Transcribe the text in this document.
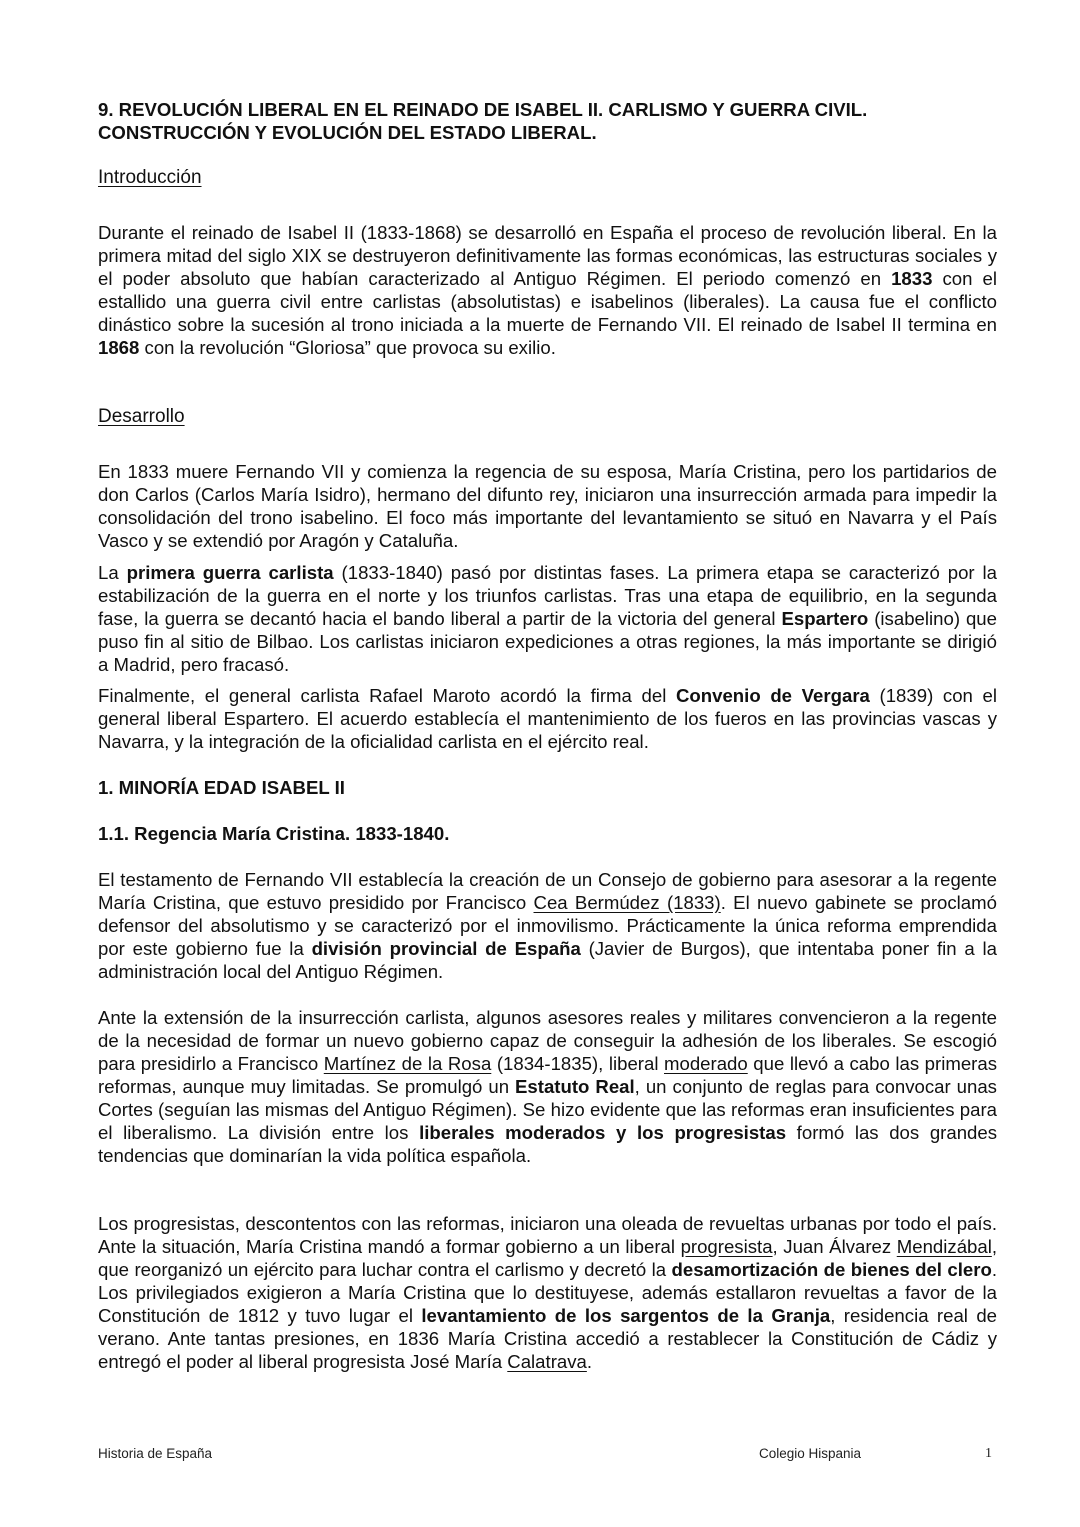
9. REVOLUCIÓN LIBERAL EN EL REINADO DE ISABEL II. CARLISMO Y GUERRA CIVIL.
CONSTRUCCIÓN Y EVOLUCIÓN DEL ESTADO LIBERAL.
Introducción

Durante el reinado de Isabel II (1833-1868) se desarrolló en España el proceso de revolución liberal. En la primera mitad del siglo XIX se destruyeron definitivamente las formas económicas, las estructuras sociales y el poder absoluto que habían caracterizado al Antiguo Régimen. El periodo comenzó en 1833 con el estallido una guerra civil entre carlistas (absolutistas) e isabelinos (liberales). La causa fue el conflicto dinástico sobre la sucesión al trono iniciada a la muerte de Fernando VII. El reinado de Isabel II termina en 1868 con la revolución “Gloriosa” que provoca su exilio.

Desarrollo

En 1833 muere Fernando VII y comienza la regencia de su esposa, María Cristina, pero los partidarios de don Carlos (Carlos María Isidro), hermano del difunto rey, iniciaron una insurrección armada para impedir la consolidación del trono isabelino. El foco más importante del levantamiento se situó en Navarra y el País Vasco y se extendió por Aragón y Cataluña.

La primera guerra carlista (1833-1840) pasó por distintas fases. La primera etapa se caracterizó por la estabilización de la guerra en el norte y los triunfos carlistas. Tras una etapa de equilibrio, en la segunda fase, la guerra se decantó hacia el bando liberal a partir de la victoria del general Espartero (isabelino) que puso fin al sitio de Bilbao. Los carlistas iniciaron expediciones a otras regiones, la más importante se dirigió a Madrid, pero fracasó.

Finalmente, el general carlista Rafael Maroto acordó la firma del Convenio de Vergara (1839) con el general liberal Espartero. El acuerdo establecía el mantenimiento de los fueros en las provincias vascas y Navarra, y la integración de la oficialidad carlista en el ejército real.

1. MINORÍA EDAD ISABEL II
1.1. Regencia María Cristina. 1833-1840.

El testamento de Fernando VII establecía la creación de un Consejo de gobierno para asesorar a la regente María Cristina, que estuvo presidido por Francisco Cea Bermúdez (1833). El nuevo gabinete se proclamó defensor del absolutismo y se caracterizó por el inmovilismo. Prácticamente la única reforma emprendida por este gobierno fue la división provincial de España (Javier de Burgos), que intentaba poner fin a la administración local del Antiguo Régimen.

Ante la extensión de la insurrección carlista, algunos asesores reales y militares convencieron a la regente de la necesidad de formar un nuevo gobierno capaz de conseguir la adhesión de los liberales. Se escogió para presidirlo a Francisco Martínez de la Rosa (1834-1835), liberal moderado que llevó a cabo las primeras reformas, aunque muy limitadas. Se promulgó un Estatuto Real, un conjunto de reglas para convocar unas Cortes (seguían las mismas del Antiguo Régimen). Se hizo evidente que las reformas eran insuficientes para el liberalismo. La división entre los liberales moderados y los progresistas formó las dos grandes tendencias que dominarían la vida política española.

Los progresistas, descontentos con las reformas, iniciaron una oleada de revueltas urbanas por todo el país. Ante la situación, María Cristina mandó a formar gobierno a un liberal progresista, Juan Álvarez Mendizábal, que reorganizó un ejército para luchar contra el carlismo y decretó la desamortización de bienes del clero. Los privilegiados exigieron a María Cristina que lo destituyese, además estallaron revueltas a favor de la Constitución de 1812 y tuvo lugar el levantamiento de los sargentos de la Granja, residencia real de verano. Ante tantas presiones, en 1836 María Cristina accedió a restablecer la Constitución de Cádiz y entregó el poder al liberal progresista José María Calatrava.

Historia de España	Colegio Hispania	1
